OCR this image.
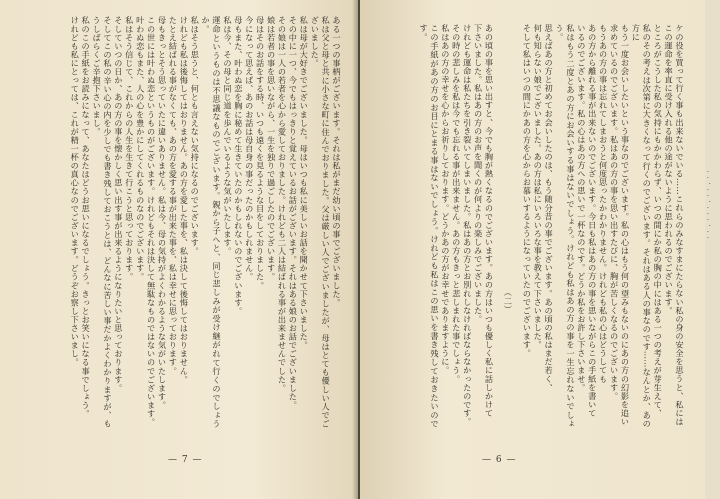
ある一つの事柄がございます。それは私がまだ幼い頃の事でございました。
私は父と母と共に小さな町に住んでおりました。父は厳しい人でございましたが、母はとても優しい人でございました。
私は母が大好きでございました。母はいつも私に美しいお話を聞かせて下さいました。
その中に一つ、今でもはっきりと覚えているお話がございます。それはある娘のお話でございました。
その娘は一人の若者を心から愛しておりました。けれども二人は結ばれる事が出来ませんでした。
娘は若者の事を思いながら、一生を独りで過ごしたのでございます。
母はそのお話をする時、いつも遠くを見るような目をしておりました。
今になって思えば、あのお話は母自身の事だったのかもしれません。
母もまた、叶わぬ恋を胸に秘めて生きていたのかもしれないのでございます。
私は今、その母と同じ道を歩んでいるような気がいたします。
運命というものは不思議なものでございます。親から子へと、同じ悲しみが受け継がれて行くのでしょうか。
私はそう思うと、何とも言えない気持になるのでございます。
けれども私は後悔してはおりません。あの方を愛した事を、私は決して後悔してはおりません。
たとえ結ばれる事がなくても、あの方を愛する事が出来た事を、私は幸せに思っております。
母もきっとそう思っていたに違いありません。私は今、母の気持がよくわかるような気がいたします。
この世には叶わぬ恋というものがございます。けれどもそれは決して無駄なものではないのでございます。
叶わぬ恋もまた、人の心を豊かにしてくれるものなのでございます。
私はそう信じて、これからの人生を生きて行こうと思っております。
そしていつの日か、あの方の事を懐かしく思い出す事が出来るようになりたいと思っております。
そしてこの私の辛い心の内を少しでも書き残しておこうとは、どんなに苦しい事だかよくわかりますが、もうしばらくご辛抱下さいまし。
私のこの手紙をお読みになって、あなたはどうお思いになるでしょう。きっとお笑いになる事でしょう。
けれども私にとっては、これが精一杯の真心なのでございます。どうぞお察し下さいまし。
— 7 —
ケの役を買って行く事も出来ないでいる……これらのみなすまにたらない私の身の安全を思うと、私には
この運命を率直に受け入れる他の途がないように思われるのでございます。
ところがこうした私の気持にもかかわらず、いつの間にか私の胸の中にはある一つの考えが芽生えて、
私のその考えは次第に大きくなって行くのでございます。それはある人の事なのです……なんとか、あの方に
もう一度お会いしたいという事なのでございます。私の心はもう何の望みもないのにあの方の幻影を追い
求めているのでございます。私はあの方の事を思い出すたびに、胸が苦しくなるのでございます。
もうあの方の事は忘れてしまおうと何度思ったかわかりません。けれども私の心はどうしても
あの方から離れる事が出来ないのでございます。今日も私はあの方の事を思いながらこの手紙を書いて
いるのでございます。私の心はあの方への思いで一杯なのです。どうか私をお許し下さいませ。
私はもう二度とあの方にお会いする事はないでしょう。けれども私はあの方の事を一生忘れないでしょう。
思えばあの方と初めてお会いしたのは、もう随分昔の事でございます。あの頃の私はまだ若く、
何も知らない娘でございました。あの方は私にいろいろな事を教えて下さいました。
そして私はいつの間にかあの方を心からお慕いするようになっていたのでございます。
（二）
あの頃の事を思い出すと、今でも胸が熱くなるのでございます。あの方はいつも優しく私に話しかけて
下さいました。私はあの方のお声を聞くのが何よりの楽しみでございました。
けれども運命は私たちを引き裂いてしまいました。私はあの方とお別れしなければならなかったのです。
その時の悲しみを私は今でも忘れる事が出来ません。あの方もきっと悲しまれた事でしょう。
私はあの方の幸せを心からお祈りしております。どうかあの方がお幸せでありますように。
この手紙があの方のお目にとまる事はないでしょう。けれども私はこの思いを書き残しておきたいのです。
— 6 —
·
·
·
·
·
·
·
·
·
·
·
·
